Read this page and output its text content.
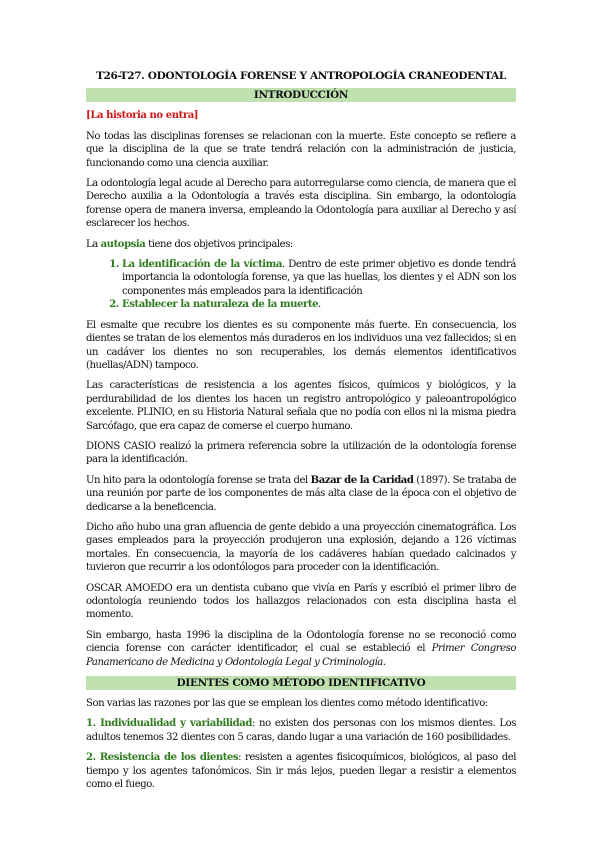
T26-T27. ODONTOLOGÍA FORENSE Y ANTROPOLOGÍA CRANEODENTAL
INTRODUCCIÓN

[La historia no entra]

No todas las disciplinas forenses se relacionan con la muerte. Este concepto se refiere a que la disciplina de la que se trate tendrá relación con la administración de justicia, funcionando como una ciencia auxiliar.

La odontología legal acude al Derecho para autorregularse como ciencia, de manera que el Derecho auxilia a la Odontología a través esta disciplina. Sin embargo, la odontología forense opera de manera inversa, empleando la Odontología para auxiliar al Derecho y así esclarecer los hechos.

La autopsia tiene dos objetivos principales:

1. La identificación de la víctima. Dentro de este primer objetivo es donde tendrá importancia la odontología forense, ya que las huellas, los dientes y el ADN son los componentes más empleados para la identificación
2. Establecer la naturaleza de la muerte.

El esmalte que recubre los dientes es su componente más fuerte. En consecuencia, los dientes se tratan de los elementos más duraderos en los individuos una vez fallecidos; si en un cadáver los dientes no son recuperables, los demás elementos identificativos (huellas/ADN) tampoco.

Las características de resistencia a los agentes físicos, químicos y biológicos, y la perdurabilidad de los dientes los hacen un registro antropológico y paleoantropológico excelente. PLINIO, en su Historia Natural señala que no podía con ellos ni la misma piedra Sarcófago, que era capaz de comerse el cuerpo humano.

DIONS CASIO realizó la primera referencia sobre la utilización de la odontología forense para la identificación.

Un hito para la odontología forense se trata del Bazar de la Caridad (1897). Se trataba de una reunión por parte de los componentes de más alta clase de la época con el objetivo de dedicarse a la beneficencia.

Dicho año hubo una gran afluencia de gente debido a una proyección cinematográfica. Los gases empleados para la proyección produjeron una explosión, dejando a 126 víctimas mortales. En consecuencia, la mayoría de los cadáveres habían quedado calcinados y tuvieron que recurrir a los odontólogos para proceder con la identificación.

OSCAR AMOEDO era un dentista cubano que vivía en París y escribió el primer libro de odontología reuniendo todos los hallazgos relacionados con esta disciplina hasta el momento.

Sin embargo, hasta 1996 la disciplina de la Odontología forense no se reconoció como ciencia forense con carácter identificador, el cual se estableció el Primer Congreso Panamericano de Medicina y Odontología Legal y Criminología.

DIENTES COMO MÉTODO IDENTIFICATIVO

Son varias las razones por las que se emplean los dientes como método identificativo:

1. Individualidad y variabilidad: no existen dos personas con los mismos dientes. Los adultos tenemos 32 dientes con 5 caras, dando lugar a una variación de 160 posibilidades.

2. Resistencia de los dientes: resisten a agentes fisicoquímicos, biológicos, al paso del tiempo y los agentes tafonómicos. Sin ir más lejos, pueden llegar a resistir a elementos como el fuego.
